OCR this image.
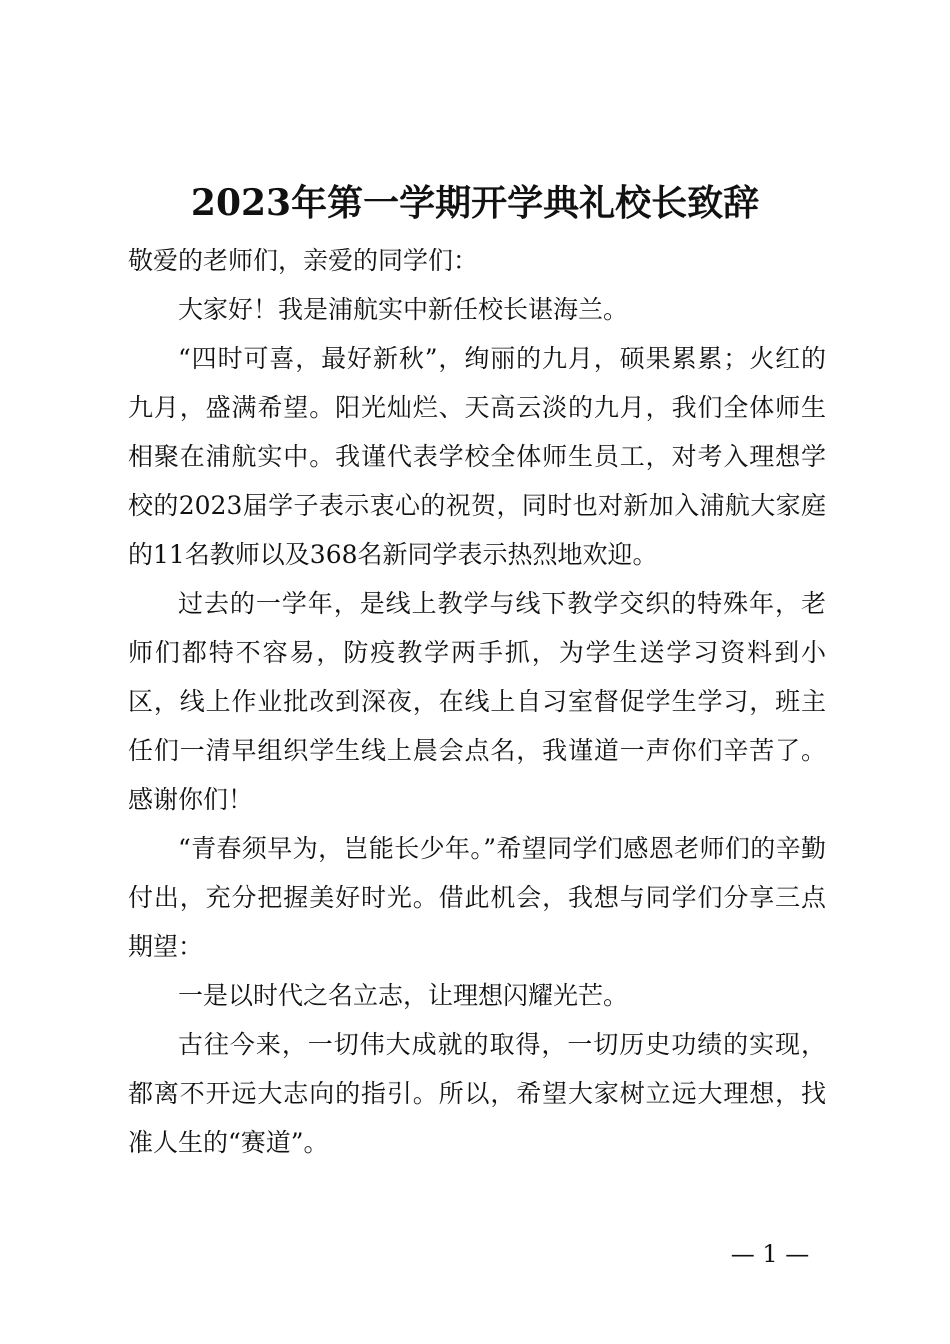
2023年第一学期开学典礼校长致辞

敬爱的老师们，亲爱的同学们：

大家好！我是浦航实中新任校长谌海兰。

“四时可喜，最好新秋”，绚丽的九月，硕果累累；火红的九月，盛满希望。阳光灿烂、天高云淡的九月，我们全体师生相聚在浦航实中。我谨代表学校全体师生员工，对考入理想学校的2023届学子表示衷心的祝贺，同时也对新加入浦航大家庭的11名教师以及368名新同学表示热烈地欢迎。

过去的一学年，是线上教学与线下教学交织的特殊年，老师们都特不容易，防疫教学两手抓，为学生送学习资料到小区，线上作业批改到深夜，在线上自习室督促学生学习，班主任们一清早组织学生线上晨会点名，我谨道一声你们辛苦了。感谢你们！

“青春须早为，岂能长少年。”希望同学们感恩老师们的辛勤付出，充分把握美好时光。借此机会，我想与同学们分享三点期望：

一是以时代之名立志，让理想闪耀光芒。

古往今来，一切伟大成就的取得，一切历史功绩的实现，都离不开远大志向的指引。所以，希望大家树立远大理想，找准人生的“赛道”。

— 1 —
